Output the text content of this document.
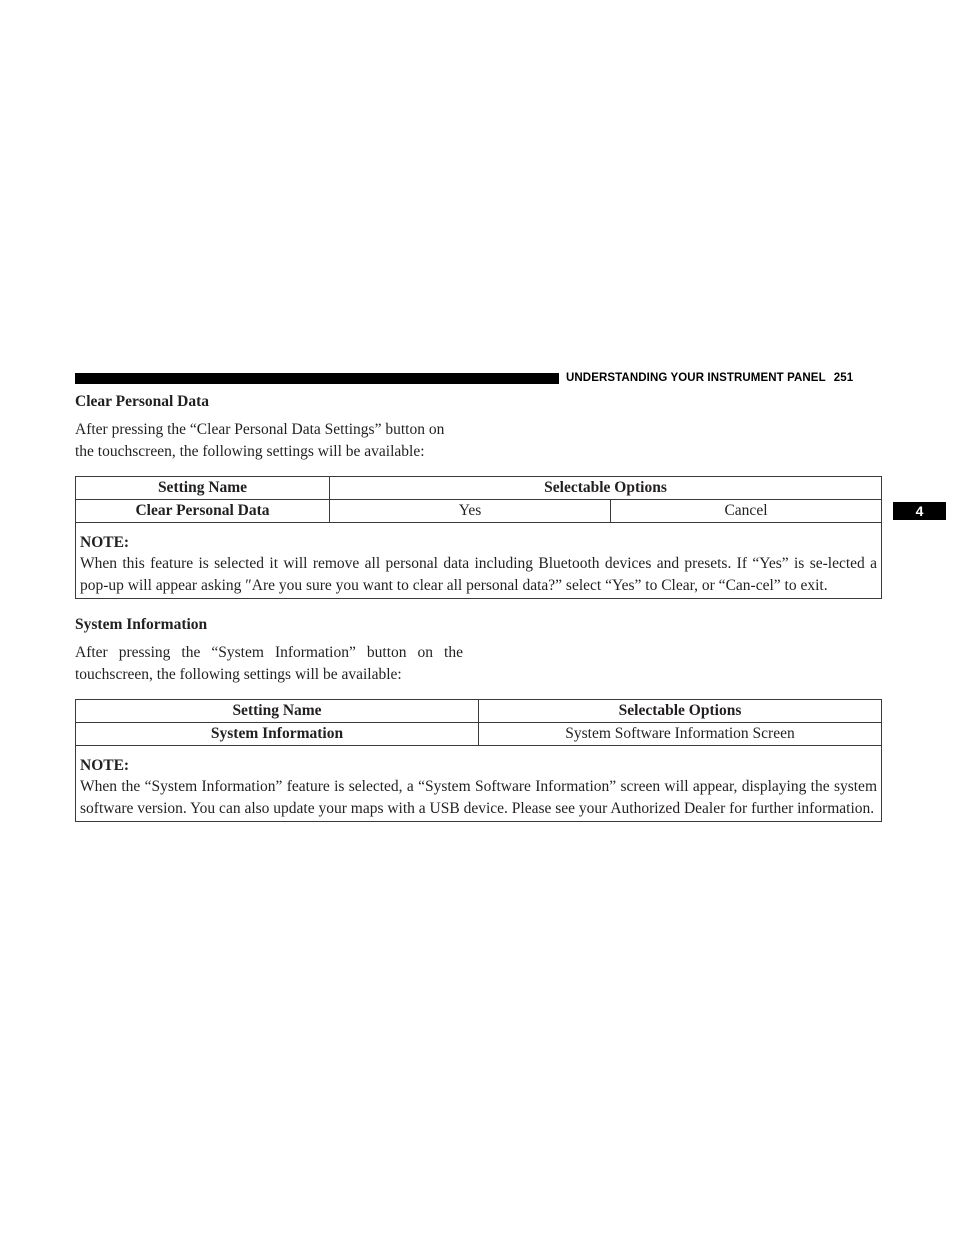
UNDERSTANDING YOUR INSTRUMENT PANEL 251
4
Clear Personal Data
After pressing the “Clear Personal Data Settings” button on the touchscreen, the following settings will be available:
Setting Name	Selectable Options	
Clear Personal Data	Yes	Cancel

NOTE:
When this feature is selected it will remove all personal data including Bluetooth devices and presets. If “Yes” is se-lected a pop-up will appear asking ″Are you sure you want to clear all personal data?” select “Yes” to Clear, or “Can-cel” to exit.		
System Information
After pressing the “System Information” button on the touchscreen, the following settings will be available:
Setting Name	Selectable Options
System Information	System Software Information Screen

NOTE:
When the “System Information” feature is selected, a “System Software Information” screen will appear, displaying the system software version. You can also update your maps with a USB device. Please see your Authorized Dealer for further information.	
